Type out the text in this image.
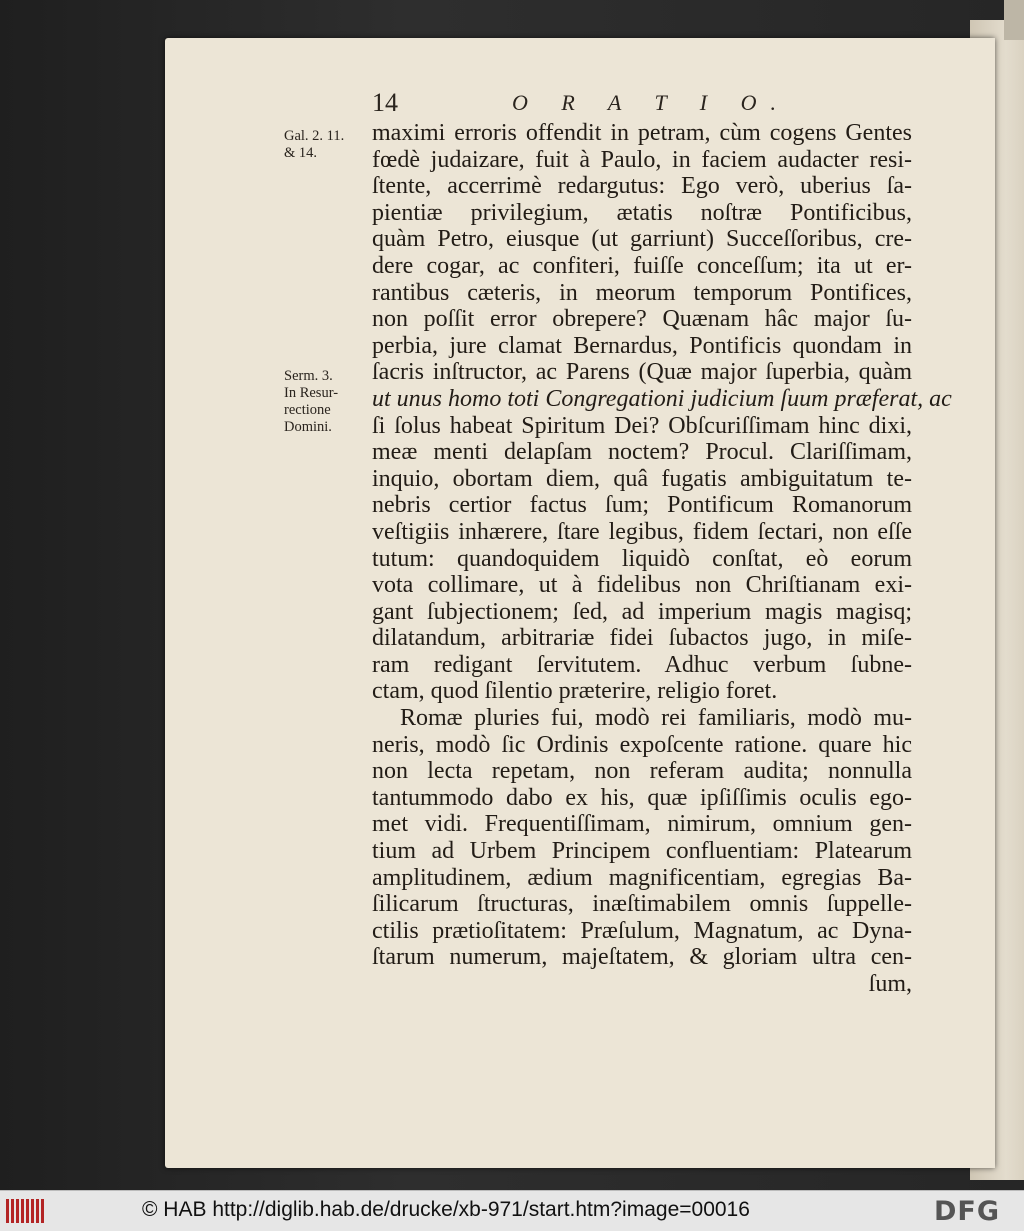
14	O R A T I O.
Gal. 2. 11.
& 14.
Serm. 3.
In Resur-
rectione
Domini.
maximi erroris offendit in petram, cùm cogens Gentes
fœdè judaizare, fuit à Paulo, in faciem audacter resi-
ſtente, accerrimè redargutus: Ego verò, uberius ſa-
pientiæ privilegium, ætatis noſtræ Pontificibus,
quàm Petro, eiusque (ut garriunt) Succeſſoribus, cre-
dere cogar, ac confiteri, fuiſſe conceſſum; ita ut er-
rantibus cæteris, in meorum temporum Pontifices,
non poſſit error obrepere? Quænam hâc major ſu-
perbia, jure clamat Bernardus, Pontificis quondam in
ſacris inſtructor, ac Parens (Quæ major ſuperbia, quàm
ut unus homo toti Congregationi judicium ſuum præferat, ac
ſi ſolus habeat Spiritum Dei? Obſcuriſſimam hinc dixi,
meæ menti delapſam noctem? Procul. Clariſſimam,
inquio, obortam diem, quâ fugatis ambiguitatum te-
nebris certior factus ſum; Pontificum Romanorum
veſtigiis inhærere, ſtare legibus, fidem ſectari, non eſſe
tutum: quandoquidem liquidò conſtat, eò eorum
vota collimare, ut à fidelibus non Chriſtianam exi-
gant ſubjectionem; ſed, ad imperium magis magisq;
dilatandum, arbitrariæ fidei ſubactos jugo, in miſe-
ram redigant ſervitutem. Adhuc verbum ſubne-
ctam, quod ſilentio præterire, religio foret.
Romæ pluries fui, modò rei familiaris, modò mu-
neris, modò ſic Ordinis expoſcente ratione. quare hic
non lecta repetam, non referam audita; nonnulla
tantummodo dabo ex his, quæ ipſiſſimis oculis ego-
met vidi. Frequentiſſimam, nimirum, omnium gen-
tium ad Urbem Principem confluentiam: Platearum
amplitudinem, ædium magnificentiam, egregias Ba-
ſilicarum ſtructuras, inæſtimabilem omnis ſuppelle-
ctilis prætioſitatem: Præſulum, Magnatum, ac Dyna-
ſtarum numerum, majeſtatem, & gloriam ultra cen-
ſum,
© HAB http://diglib.hab.de/drucke/xb-971/start.htm?image=00016	DFG
